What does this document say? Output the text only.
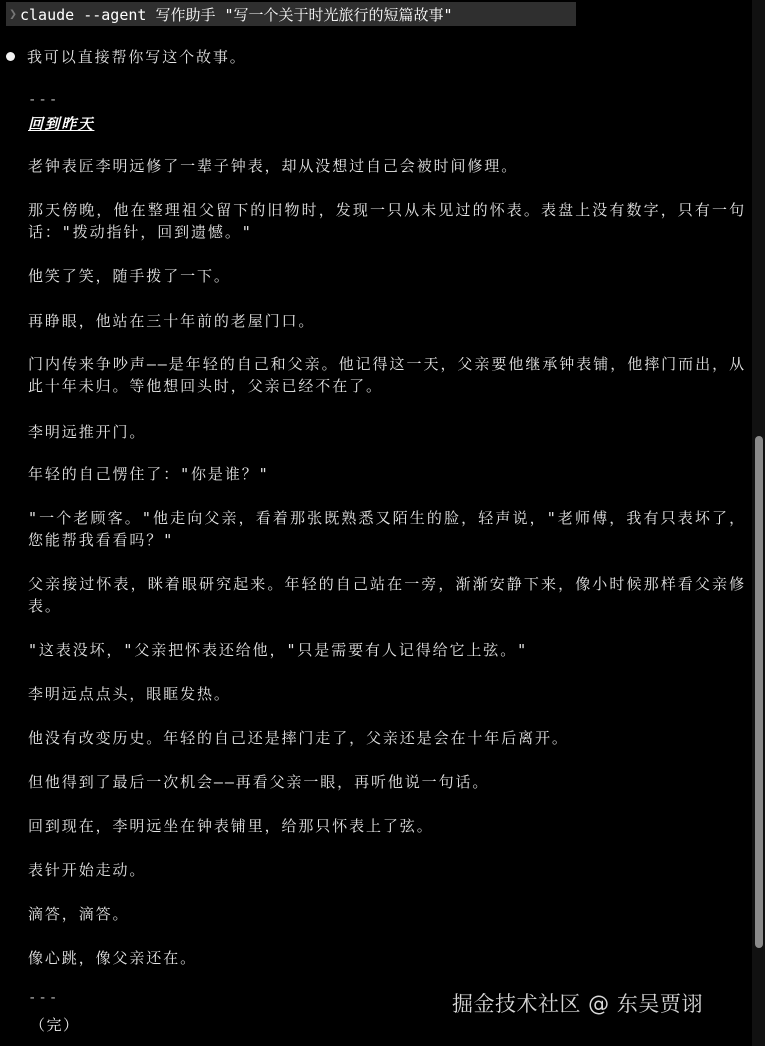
❯ claude --agent 写作助手 "写一个关于时光旅行的短篇故事"
我可以直接帮你写这个故事。
---
回到昨天
老钟表匠李明远修了一辈子钟表，却从没想过自己会被时间修理。
那天傍晚，他在整理祖父留下的旧物时，发现一只从未见过的怀表。表盘上没有数字，只有一句话："拨动指针，回到遗憾。"
他笑了笑，随手拨了一下。
再睁眼，他站在三十年前的老屋门口。
门内传来争吵声——是年轻的自己和父亲。他记得这一天，父亲要他继承钟表铺，他摔门而出，从此十年未归。等他想回头时，父亲已经不在了。
李明远推开门。
年轻的自己愣住了："你是谁？"
"一个老顾客。"他走向父亲，看着那张既熟悉又陌生的脸，轻声说，"老师傅，我有只表坏了，您能帮我看看吗？"
父亲接过怀表，眯着眼研究起来。年轻的自己站在一旁，渐渐安静下来，像小时候那样看父亲修表。
"这表没坏，"父亲把怀表还给他，"只是需要有人记得给它上弦。"
李明远点点头，眼眶发热。
他没有改变历史。年轻的自己还是摔门走了，父亲还是会在十年后离开。
但他得到了最后一次机会——再看父亲一眼，再听他说一句话。
回到现在，李明远坐在钟表铺里，给那只怀表上了弦。
表针开始走动。
滴答，滴答。
像心跳，像父亲还在。
---
（完）
掘金技术社区 @ 东吴贾诩
